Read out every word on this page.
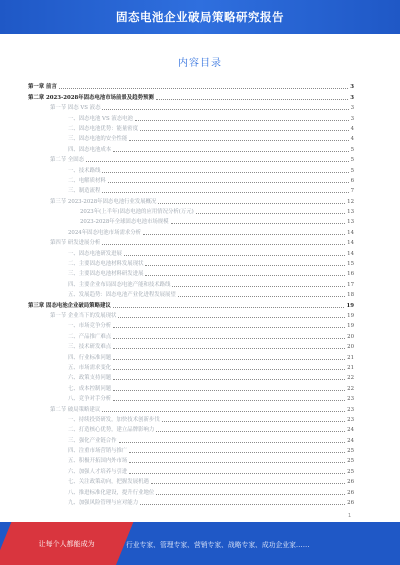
固态电池企业破局策略研究报告
内容目录
第一章 前言	3
第二章 2023-2028年固态电池市场前景及趋势预测	3
第一节 固态 VS 液态	3
一、固态电池 VS 液态电池	3
二、固态电池优势：能量密度	4
三、固态电池的安全性能	4
四、固态电池成本	5
第二节 全固态	5
一、技术路线	5
二、电解质材料	6
三、制造流程	7
第三节 2023-2028年固态电池行业发展概况	12
2023年(上半年)固态电池的应用情况分析(万元)	13
2023-2028年全球固态电池市场规模	13
2024年固态电池市场需求分析	14
第四节 研发进展分析	14
一、固态电池研发进展	14
二、主要固态电池材料发展现状	15
三、主要固态电池材料研发进展	16
四、主要企业布局固态电池产能和技术路线	17
五、发展趋势：固态电池产业化进程发展展望	18
第三章 固态电池企业破局策略建议	19
第一节 企业当下的发展现状	19
一、市场竞争分析	19
二、产品推广难点	20
三、技术研发难点	20
四、行业标准问题	21
五、市场需求变化	21
六、政策支持问题	22
七、成本控制问题	22
八、竞争对手分析	23
第二节 破局策略建议	23
一、持续投资研发，加快技术创新步伐	23
二、打造核心优势，建立品牌影响力	24
三、强化产业链合作	24
四、注重市场营销与推广	25
五、积极开拓国内外市场	25
六、加强人才培养与引进	25
七、关注政策动向，把握发展机遇	26
八、推进标准化建设，提升行业地位	26
九、加强风险管理与应对能力	26
1
让每个人都能成为	行业专家、管理专家、营销专家、战略专家、成功企业家……
